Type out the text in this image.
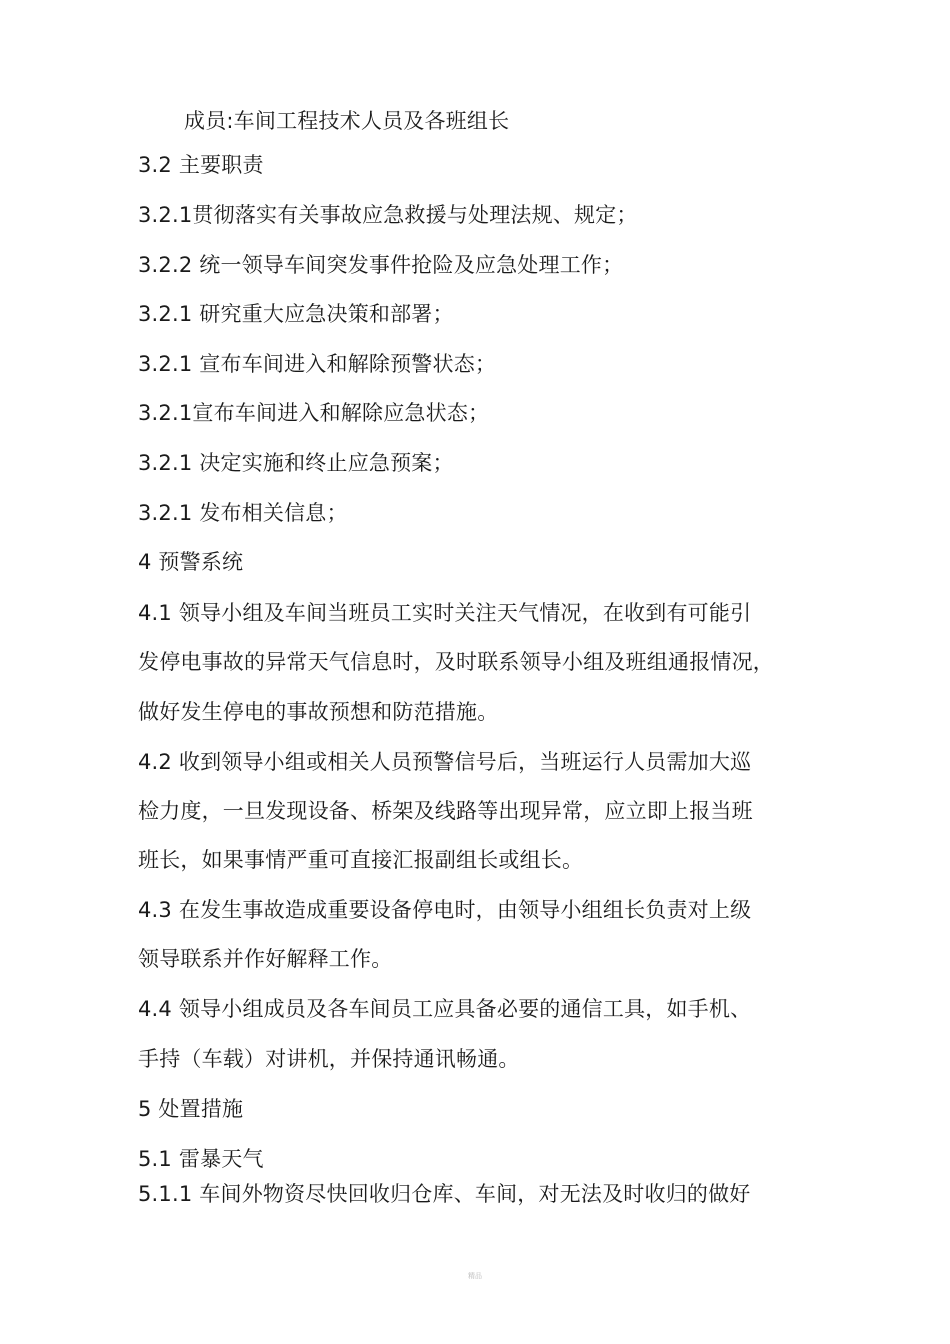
成员:车间工程技术人员及各班组长
3.2 主要职责
3.2.1贯彻落实有关事故应急救援与处理法规、规定；
3.2.2 统一领导车间突发事件抢险及应急处理工作；
3.2.1 研究重大应急决策和部署；
3.2.1 宣布车间进入和解除预警状态；
3.2.1宣布车间进入和解除应急状态；
3.2.1 决定实施和终止应急预案；
3.2.1 发布相关信息；
4 预警系统
4.1 领导小组及车间当班员工实时关注天气情况，在收到有可能引
发停电事故的异常天气信息时，及时联系领导小组及班组通报情况，
做好发生停电的事故预想和防范措施。
4.2 收到领导小组或相关人员预警信号后，当班运行人员需加大巡
检力度，一旦发现设备、桥架及线路等出现异常，应立即上报当班
班长，如果事情严重可直接汇报副组长或组长。
4.3 在发生事故造成重要设备停电时，由领导小组组长负责对上级
领导联系并作好解释工作。
4.4 领导小组成员及各车间员工应具备必要的通信工具，如手机、
手持（车载）对讲机，并保持通讯畅通。
5 处置措施
5.1 雷暴天气
5.1.1 车间外物资尽快回收归仓库、车间，对无法及时收归的做好
精品
